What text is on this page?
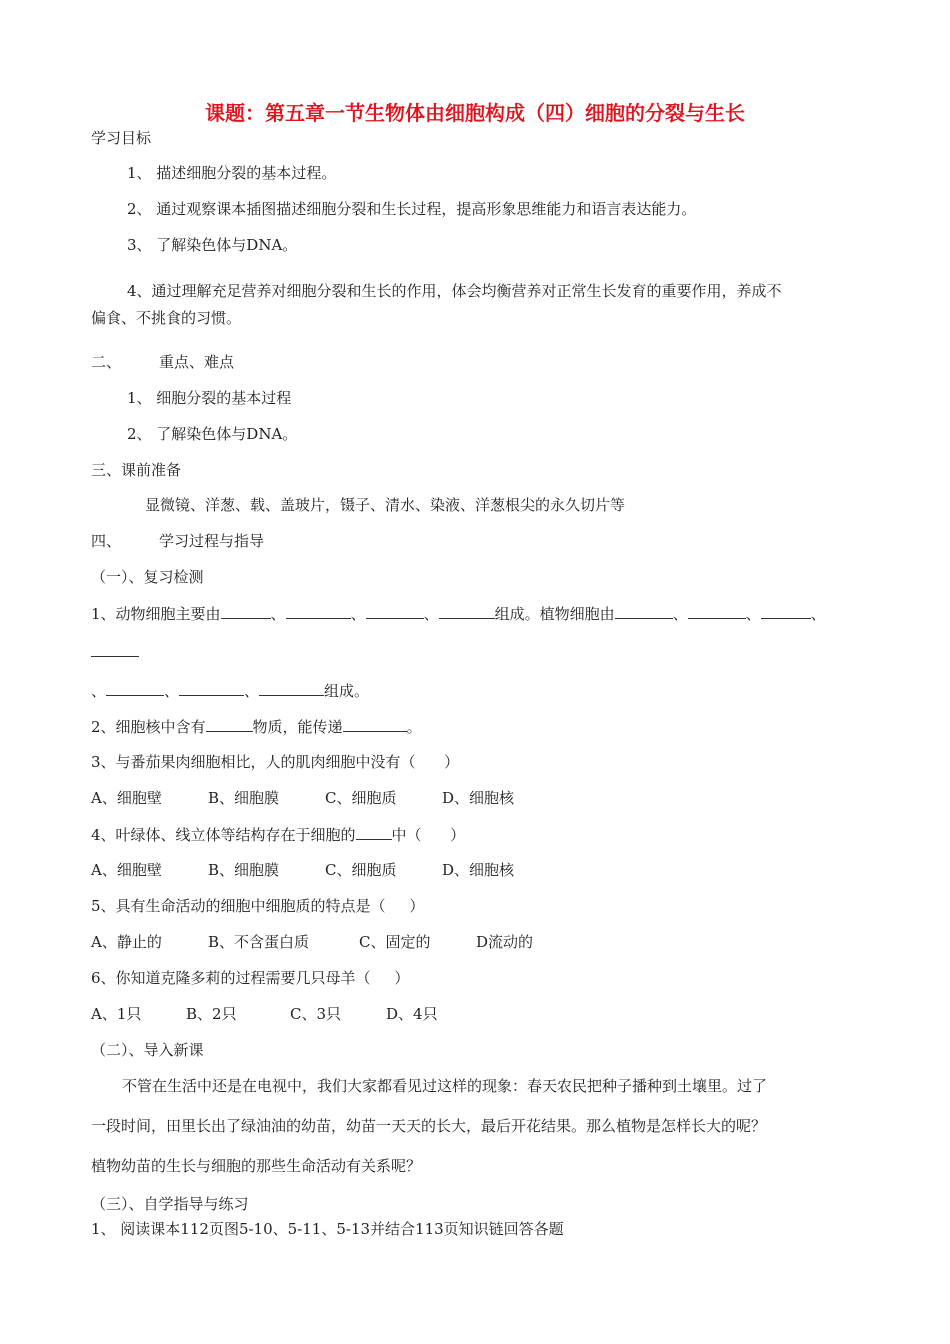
课题：第五章一节生物体由细胞构成（四）细胞的分裂与生长
学习目标
1、 描述细胞分裂的基本过程。
2、 通过观察课本插图描述细胞分裂和生长过程，提高形象思维能力和语言表达能力。
3、 了解染色体与DNA。
4、通过理解充足营养对细胞分裂和生长的作用，体会均衡营养对正常生长发育的重要作用，养成不
偏食、不挑食的习惯。
二、	重点、难点
1、 细胞分裂的基本过程
2、 了解染色体与DNA。
三、课前准备
显微镜、洋葱、载、盖玻片，镊子、清水、染液、洋葱根尖的永久切片等
四、	学习过程与指导
（一）、复习检测
1、动物细胞主要由	、	、	、	组成。植物细胞由	、	、	、
、	、	、	组成。
2、细胞核中含有	物质，能传递	。
3、与番茄果肉细胞相比，人的肌肉细胞中没有（      ）
A、细胞壁	B、细胞膜	C、细胞质	D、细胞核
4、叶绿体、线立体等结构存在于细胞的 中（      ）
A、细胞壁	B、细胞膜	C、细胞质	D、细胞核
5、具有生命活动的细胞中细胞质的特点是（     ）
A、静止的	B、不含蛋白质	C、固定的	D流动的
6、你知道克隆多莉的过程需要几只母羊（     ）
A、1只	B、2只	C、3只	D、4只
（二）、导入新课
不管在生活中还是在电视中，我们大家都看见过这样的现象：春天农民把种子播种到土壤里。过了
一段时间，田里长出了绿油油的幼苗，幼苗一天天的长大，最后开花结果。那么植物是怎样长大的呢？
植物幼苗的生长与细胞的那些生命活动有关系呢？
（三）、自学指导与练习
1、 阅读课本112页图5-10、5-11、5-13并结合113页知识链回答各题
